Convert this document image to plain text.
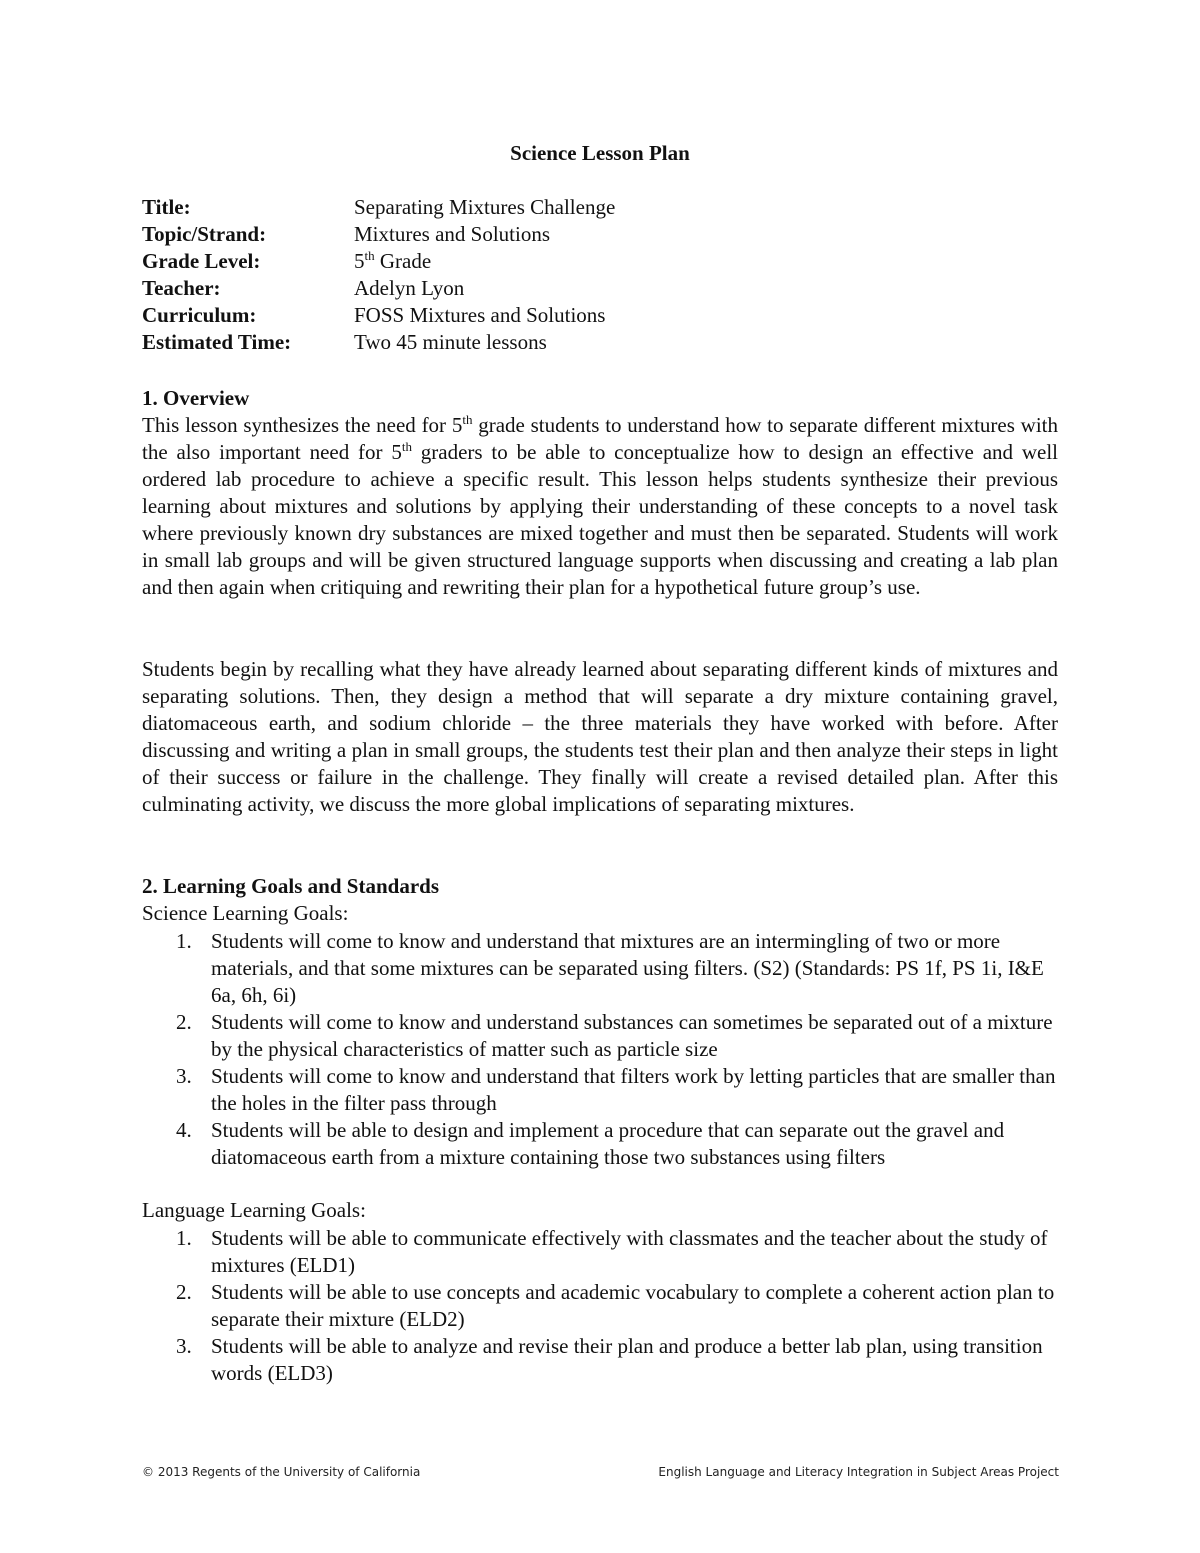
Science Lesson Plan
Title:	Separating Mixtures Challenge
Topic/Strand:	Mixtures and Solutions
Grade Level:	5th Grade
Teacher:	Adelyn Lyon
Curriculum:	FOSS Mixtures and Solutions
Estimated Time:	Two 45 minute lessons
1. Overview

This lesson synthesizes the need for 5th grade students to understand how to separate different mixtures with the also important need for 5th graders to be able to conceptualize how to design an effective and well ordered lab procedure to achieve a specific result. This lesson helps students synthesize their previous learning about mixtures and solutions by applying their understanding of these concepts to a novel task where previously known dry substances are mixed together and must then be separated. Students will work in small lab groups and will be given structured language supports when discussing and creating a lab plan and then again when critiquing and rewriting their plan for a hypothetical future group’s use.

Students begin by recalling what they have already learned about separating different kinds of mixtures and separating solutions. Then, they design a method that will separate a dry mixture containing gravel, diatomaceous earth, and sodium chloride – the three materials they have worked with before. After discussing and writing a plan in small groups, the students test their plan and then analyze their steps in light of their success or failure in the challenge. They finally will create a revised detailed plan. After this culminating activity, we discuss the more global implications of separating mixtures.

2. Learning Goals and Standards
Science Learning Goals:
1. Students will come to know and understand that mixtures are an intermingling of two or more materials, and that some mixtures can be separated using filters. (S2) (Standards: PS 1f, PS 1i, I&E 6a, 6h, 6i)
2. Students will come to know and understand substances can sometimes be separated out of a mixture by the physical characteristics of matter such as particle size
3. Students will come to know and understand that filters work by letting particles that are smaller than the holes in the filter pass through
4. Students will be able to design and implement a procedure that can separate out the gravel and diatomaceous earth from a mixture containing those two substances using filters
Language Learning Goals:
1. Students will be able to communicate effectively with classmates and the teacher about the study of mixtures (ELD1)
2. Students will be able to use concepts and academic vocabulary to complete a coherent action plan to separate their mixture (ELD2)
3. Students will be able to analyze and revise their plan and produce a better lab plan, using transition words (ELD3)
© 2013 Regents of the University of California	English Language and Literacy Integration in Subject Areas Project
